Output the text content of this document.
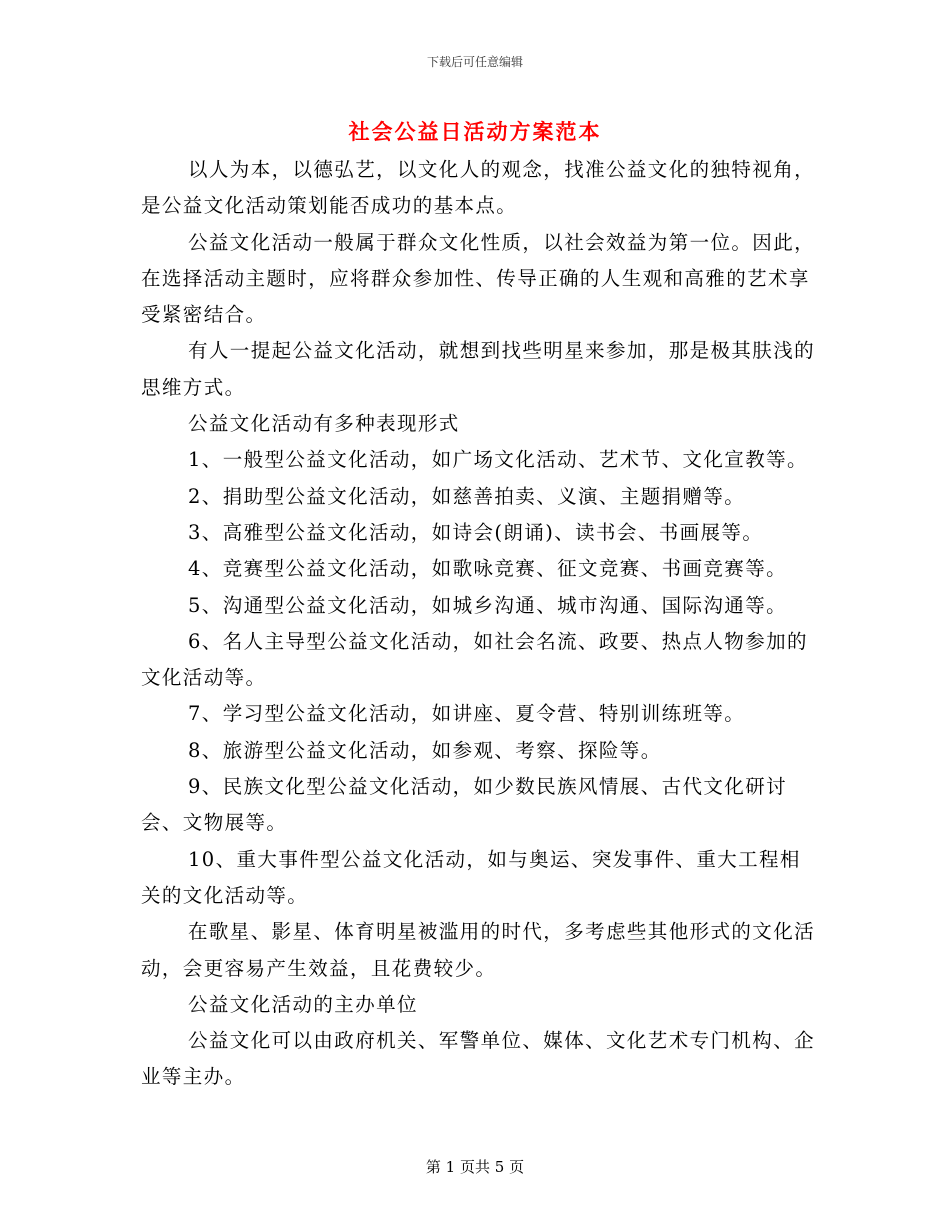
下载后可任意编辑
社会公益日活动方案范本

以人为本，以德弘艺，以文化人的观念，找准公益文化的独特视角，是公益文化活动策划能否成功的基本点。

公益文化活动一般属于群众文化性质，以社会效益为第一位。因此，在选择活动主题时，应将群众参加性、传导正确的人生观和高雅的艺术享受紧密结合。

有人一提起公益文化活动，就想到找些明星来参加，那是极其肤浅的思维方式。

公益文化活动有多种表现形式

1、一般型公益文化活动，如广场文化活动、艺术节、文化宣教等。

2、捐助型公益文化活动，如慈善拍卖、义演、主题捐赠等。

3、高雅型公益文化活动，如诗会(朗诵)、读书会、书画展等。

4、竞赛型公益文化活动，如歌咏竞赛、征文竞赛、书画竞赛等。

5、沟通型公益文化活动，如城乡沟通、城市沟通、国际沟通等。

6、名人主导型公益文化活动，如社会名流、政要、热点人物参加的文化活动等。

7、学习型公益文化活动，如讲座、夏令营、特别训练班等。

8、旅游型公益文化活动，如参观、考察、探险等。

9、民族文化型公益文化活动，如少数民族风情展、古代文化研讨会、文物展等。

10、重大事件型公益文化活动，如与奥运、突发事件、重大工程相关的文化活动等。

在歌星、影星、体育明星被滥用的时代，多考虑些其他形式的文化活动，会更容易产生效益，且花费较少。

公益文化活动的主办单位

公益文化可以由政府机关、军警单位、媒体、文化艺术专门机构、企业等主办。

第 1 页共 5 页
